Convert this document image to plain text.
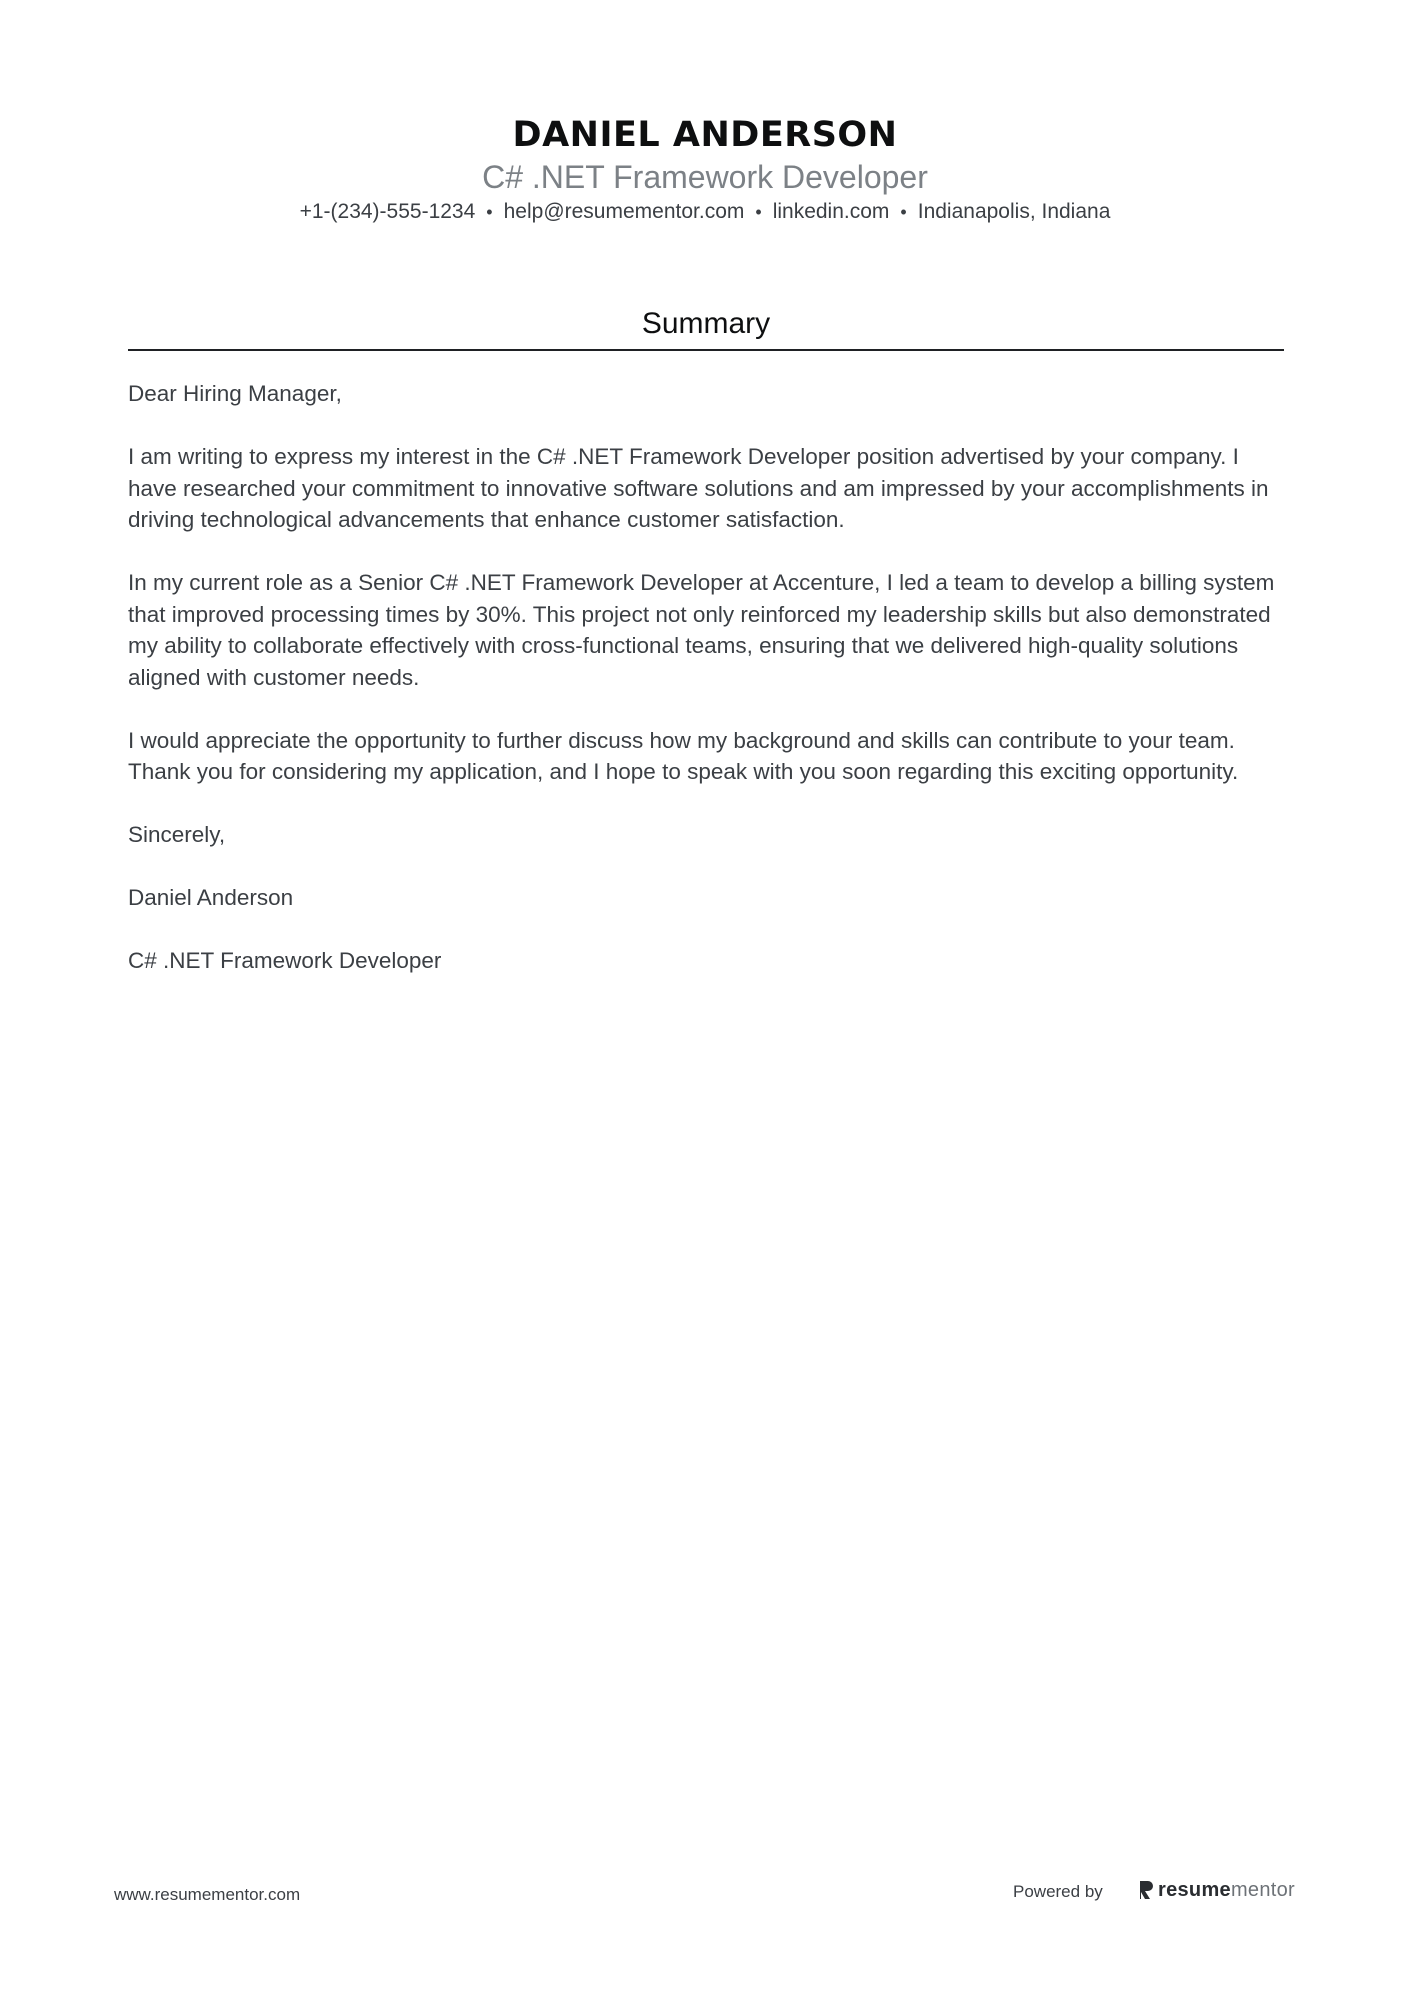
DANIEL ANDERSON
C# .NET Framework Developer
+1-(234)-555-1234 • help@resumementor.com • linkedin.com • Indianapolis, Indiana
Summary

Dear Hiring Manager,

I am writing to express my interest in the C# .NET Framework Developer position advertised by your company. I have researched your commitment to innovative software solutions and am impressed by your accomplishments in driving technological advancements that enhance customer satisfaction.

In my current role as a Senior C# .NET Framework Developer at Accenture, I led a team to develop a billing system that improved processing times by 30%. This project not only reinforced my leadership skills but also demonstrated my ability to collaborate effectively with cross-functional teams, ensuring that we delivered high-quality solutions aligned with customer needs.

I would appreciate the opportunity to further discuss how my background and skills can contribute to your team. Thank you for considering my application, and I hope to speak with you soon regarding this exciting opportunity.

Sincerely,

Daniel Anderson

C# .NET Framework Developer

www.resumementor.com	Powered by	resumementor
